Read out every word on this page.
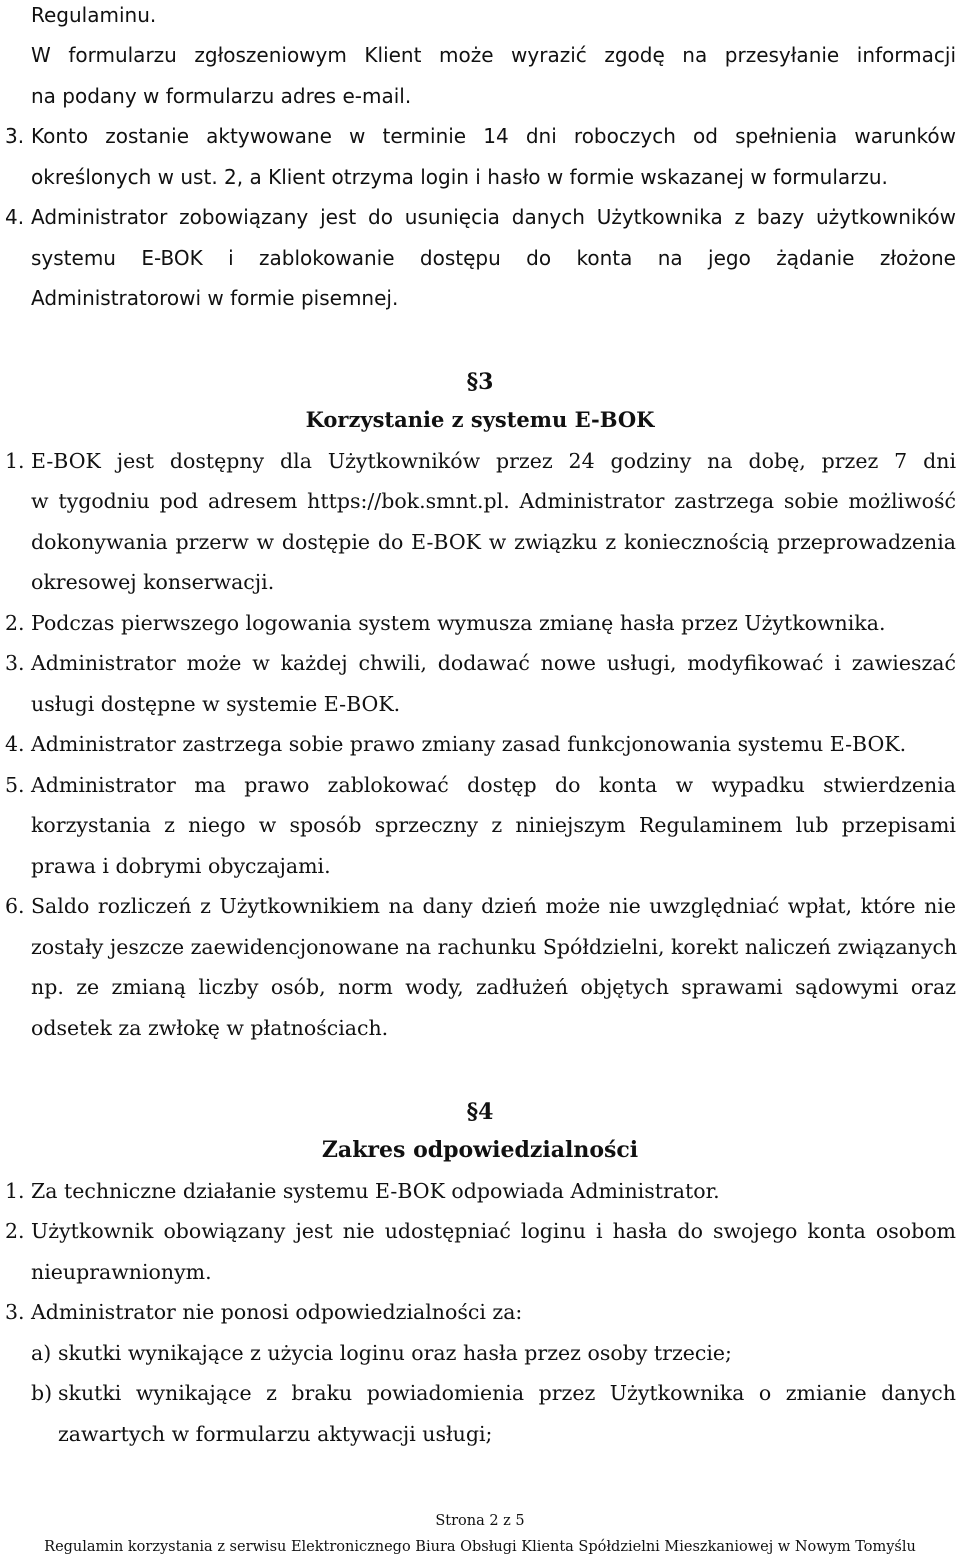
Regulaminu.
W formularzu zgłoszeniowym Klient może wyrazić zgodę na przesyłanie informacji
na podany w formularzu adres e-mail.
3. Konto zostanie aktywowane w terminie 14 dni roboczych od spełnienia warunków
określonych w ust. 2, a Klient otrzyma login i hasło w formie wskazanej w formularzu.
4. Administrator zobowiązany jest do usunięcia danych Użytkownika z bazy użytkowników
systemu E-BOK i zablokowanie dostępu do konta na jego żądanie złożone
Administratorowi w formie pisemnej.
§3
Korzystanie z systemu E-BOK
1. E-BOK jest dostępny dla Użytkowników przez 24 godziny na dobę, przez 7 dni
w tygodniu pod adresem https://bok.smnt.pl. Administrator zastrzega sobie możliwość
dokonywania przerw w dostępie do E-BOK w związku z koniecznością przeprowadzenia
okresowej konserwacji.
2. Podczas pierwszego logowania system wymusza zmianę hasła przez Użytkownika.
3. Administrator może w każdej chwili, dodawać nowe usługi, modyfikować i zawieszać
usługi dostępne w systemie E-BOK.
4. Administrator zastrzega sobie prawo zmiany zasad funkcjonowania systemu E-BOK.
5. Administrator ma prawo zablokować dostęp do konta w wypadku stwierdzenia
korzystania z niego w sposób sprzeczny z niniejszym Regulaminem lub przepisami
prawa i dobrymi obyczajami.
6. Saldo rozliczeń z Użytkownikiem na dany dzień może nie uwzględniać wpłat, które nie
zostały jeszcze zaewidencjonowane na rachunku Spółdzielni, korekt naliczeń związanych
np. ze zmianą liczby osób, norm wody, zadłużeń objętych sprawami sądowymi oraz
odsetek za zwłokę w płatnościach.
§4
Zakres odpowiedzialności
1. Za techniczne działanie systemu E-BOK odpowiada Administrator.
2. Użytkownik obowiązany jest nie udostępniać loginu i hasła do swojego konta osobom
nieuprawnionym.
3. Administrator nie ponosi odpowiedzialności za:
a) skutki wynikające z użycia loginu oraz hasła przez osoby trzecie;
b) skutki wynikające z braku powiadomienia przez Użytkownika o zmianie danych
zawartych w formularzu aktywacji usługi;
Strona 2 z 5
Regulamin korzystania z serwisu Elektronicznego Biura Obsługi Klienta Spółdzielni Mieszkaniowej w Nowym Tomyślu
